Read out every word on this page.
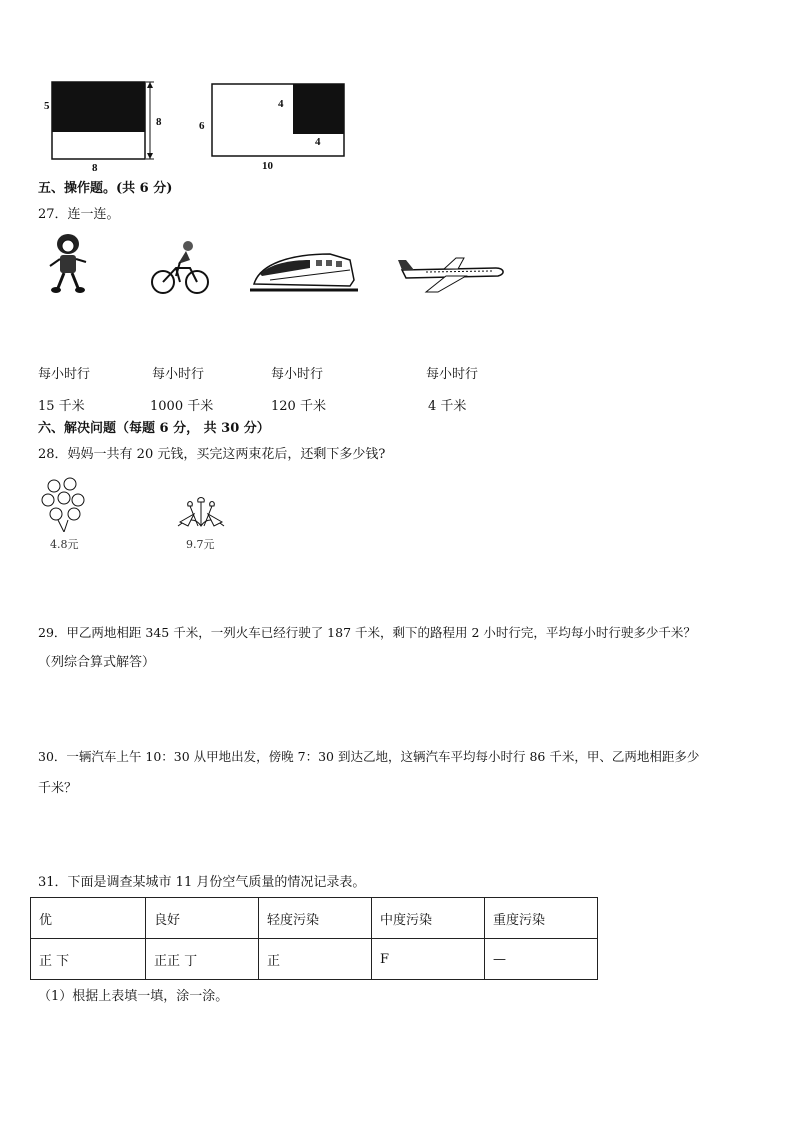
5
8
8
6
4
4
10
五、操作题。(共 6 分)
27．连一连。
每小时行
15 千米
每小时行
1000 千米
每小时行
120 千米
每小时行
4 千米
六、解决问题（每题 6 分， 共 30 分）
28．妈妈一共有 20 元钱，买完这两束花后，还剩下多少钱?
4.8元	9.7元
29．甲乙两地相距 345 千米，一列火车已经行驶了 187 千米，剩下的路程用 2 小时行完，平均每小时行驶多少千米？
（列综合算式解答）
30．一辆汽车上午 10：30 从甲地出发，傍晚 7：30 到达乙地，这辆汽车平均每小时行 86 千米，甲、乙两地相距多少
千米？
31．下面是调查某城市 11 月份空气质量的情况记录表。
优	良好	轻度污染	中度污染	重度污染
正 下	正正 丁	正	F	—
（1）根据上表填一填，涂一涂。
